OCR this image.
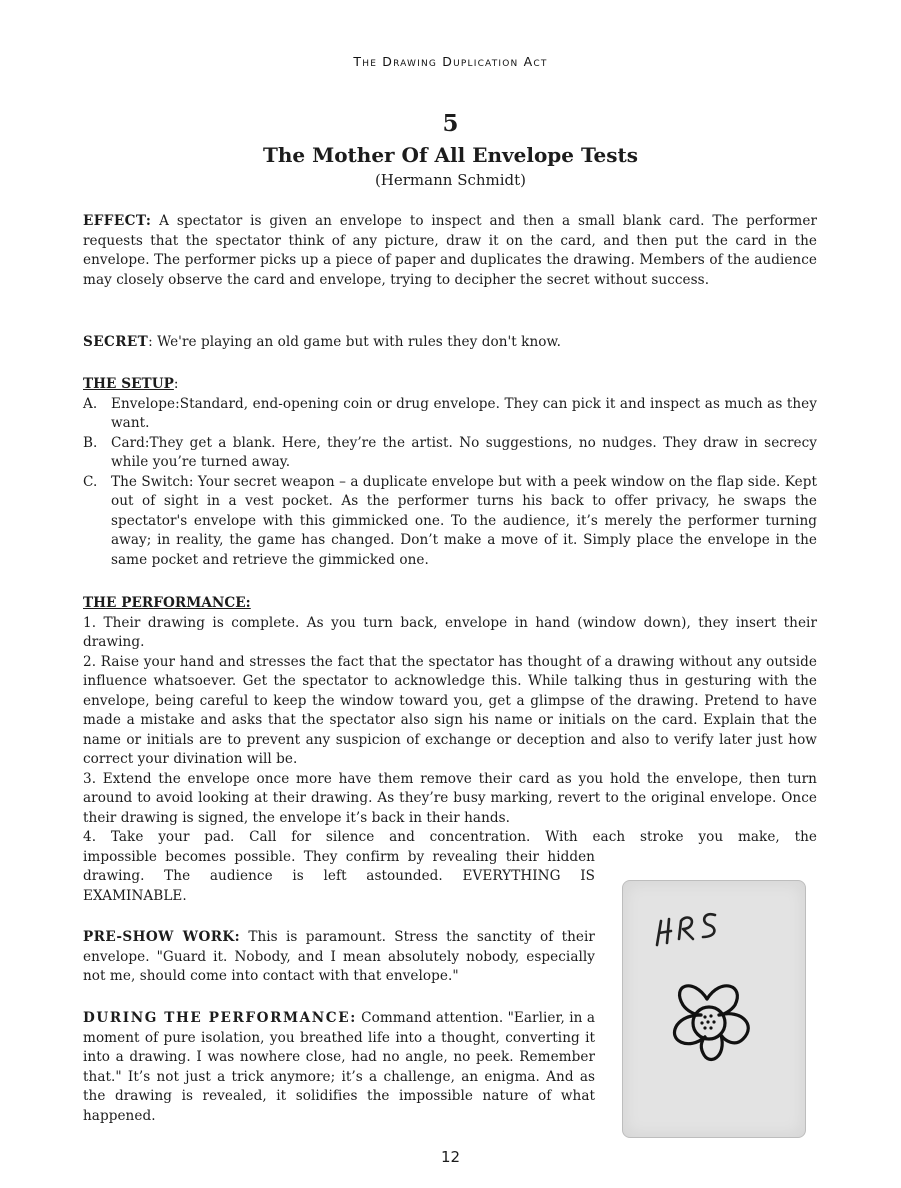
The Drawing Duplication Act
5
The Mother Of All Envelope Tests
(Hermann Schmidt)

EFFECT: A spectator is given an envelope to inspect and then a small blank card. The performer requests that the spectator think of any picture, draw it on the card, and then put the card in the envelope. The performer picks up a piece of paper and duplicates the drawing. Members of the audience may closely observe the card and envelope, trying to decipher the secret without success.

SECRET: We're playing an old game but with rules they don't know.

THE SETUP:

A. Envelope:Standard, end-opening coin or drug envelope. They can pick it and inspect as much as they want.
B. Card:They get a blank. Here, they’re the artist. No suggestions, no nudges. They draw in secrecy while you’re turned away.
C. The Switch: Your secret weapon – a duplicate envelope but with a peek window on the flap side. Kept out of sight in a vest pocket. As the performer turns his back to offer privacy, he swaps the spectator's envelope with this gimmicked one. To the audience, it’s merely the performer turning away; in reality, the game has changed. Don’t make a move of it. Simply place the envelope in the same pocket and retrieve the gimmicked one.

THE PERFORMANCE:

1. Their drawing is complete. As you turn back, envelope in hand (window down), they insert their drawing.

2. Raise your hand and stresses the fact that the spectator has thought of a drawing without any outside influence whatsoever. Get the spectator to acknowledge this. While talking thus in gesturing with the envelope, being careful to keep the window toward you, get a glimpse of the drawing. Pretend to have made a mistake and asks that the spectator also sign his name or initials on the card. Explain that the name or initials are to prevent any suspicion of exchange or deception and also to verify later just how correct your divination will be.

3. Extend the envelope once more have them remove their card as you hold the envelope, then turn around to avoid looking at their drawing. As they’re busy marking, revert to the original envelope. Once their drawing is signed, the envelope it’s back in their hands.

4. Take your pad. Call for silence and concentration. With each stroke you make, the

impossible becomes possible. They confirm by revealing their hidden drawing. The audience is left astounded. EVERYTHING IS EXAMINABLE.

PRE-SHOW WORK: This is paramount. Stress the sanctity of their envelope. "Guard it. Nobody, and I mean absolutely nobody, especially not me, should come into contact with that envelope."

DURING THE PERFORMANCE: Command attention. "Earlier, in a moment of pure isolation, you breathed life into a thought, converting it into a drawing. I was nowhere close, had no angle, no peek. Remember that." It’s not just a trick anymore; it’s a challenge, an enigma. And as the drawing is revealed, it solidifies the impossible nature of what happened.

12
